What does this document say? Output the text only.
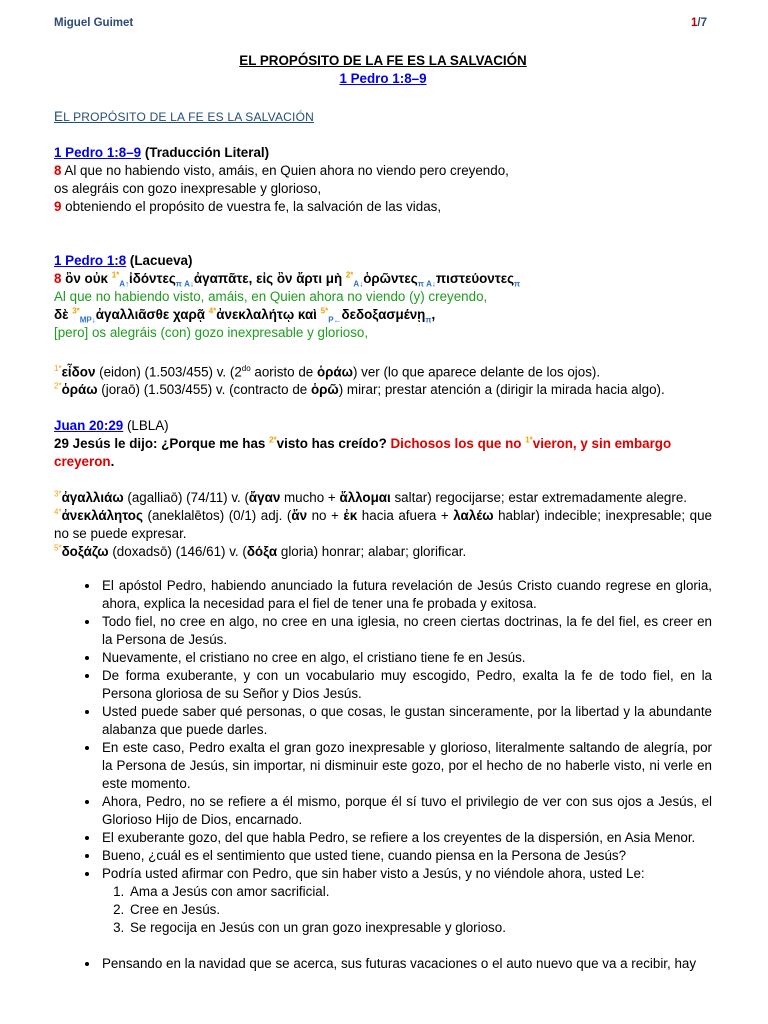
Miguel Guimet	1/7

EL PROPÓSITO DE LA FE ES LA SALVACIÓN

1 Pedro 1:8–9

EL PROPÓSITO DE LA FE ES LA SALVACIÓN
1 Pedro 1:8–9 (Traducción Literal)
8 Al que no habiendo visto, amáis, en Quien ahora no viendo pero creyendo,
os alegráis con gozo inexpresable y glorioso,
9 obteniendo el propósito de vuestra fe, la salvación de las vidas,
1 Pedro 1:8 (Lacueva)
8 ὃν οὐκ $^{1*}_{A↑}$ἰδόντες$_{\pi A↓}$ἀγαπᾶτε, εἰς ὃν ἄρτι μὴ $^{2*}_{A↓}$ὁρῶντες$_{\pi A↓}$πιστεύοντες$_\pi$
Al que no habiendo visto, amáis, en Quien ahora no viendo (y) creyendo,
δὲ $^{3*}_{MP↓}$ἀγαλλιᾶσθε χαρᾷ $^{4*}$ἀνεκλαλήτῳ καὶ $^{5*}_{P\leftarrow}$δεδοξασμένῃ$_\pi$,
[pero] os alegráis (con) gozo inexpresable y glorioso,
$^{1*}$εἶδον (eidon) (1.503/455) v. ($2^{do}$ aoristo de ὁράω) ver (lo que aparece delante de los ojos).
$^{2*}$ὁράω (joraō) (1.503/455) v. (contracto de ὁρῶ) mirar; prestar atención a (dirigir la mirada hacia algo).
Juan 20:29 (LBLA)
29 Jesús le dijo: ¿Porque me has $^{2*}$visto has creído? Dichosos los que no $^{1*}$vieron, y sin embargo creyeron.
$^{3*}$ἀγαλλιάω (agalliaō) (74/11) v. (ἄγαν mucho + ἅλλομαι saltar) regocijarse; estar extremadamente alegre.
$^{4*}$ἀνεκλάλητος (aneklalētos) (0/1) adj. (ἄν no + ἐκ hacia afuera + λαλέω hablar) indecible; inexpresable; que no se puede expresar.
$^{5*}$δοξάζω (doxadsō) (146/61) v. (δόξα gloria) honrar; alabar; glorificar.
• El apóstol Pedro, habiendo anunciado la futura revelación de Jesús Cristo cuando regrese en gloria, ahora, explica la necesidad para el fiel de tener una fe probada y exitosa.
• Todo fiel, no cree en algo, no cree en una iglesia, no creen ciertas doctrinas, la fe del fiel, es creer en la Persona de Jesús.
• Nuevamente, el cristiano no cree en algo, el cristiano tiene fe en Jesús.
• De forma exuberante, y con un vocabulario muy escogido, Pedro, exalta la fe de todo fiel, en la Persona gloriosa de su Señor y Dios Jesús.
• Usted puede saber qué personas, o que cosas, le gustan sinceramente, por la libertad y la abundante alabanza que puede darles.
• En este caso, Pedro exalta el gran gozo inexpresable y glorioso, literalmente saltando de alegría, por la Persona de Jesús, sin importar, ni disminuir este gozo, por el hecho de no haberle visto, ni verle en este momento.
• Ahora, Pedro, no se refiere a él mismo, porque él sí tuvo el privilegio de ver con sus ojos a Jesús, el Glorioso Hijo de Dios, encarnado.
• El exuberante gozo, del que habla Pedro, se refiere a los creyentes de la dispersión, en Asia Menor.
• Bueno, ¿cuál es el sentimiento que usted tiene, cuando piensa en la Persona de Jesús?
• Podría usted afirmar con Pedro, que sin haber visto a Jesús, y no viéndole ahora, usted Le:
1. Ama a Jesús con amor sacrificial.
2. Cree en Jesús.
3. Se regocija en Jesús con un gran gozo inexpresable y glorioso.
• Pensando en la navidad que se acerca, sus futuras vacaciones o el auto nuevo que va a recibir, hay
